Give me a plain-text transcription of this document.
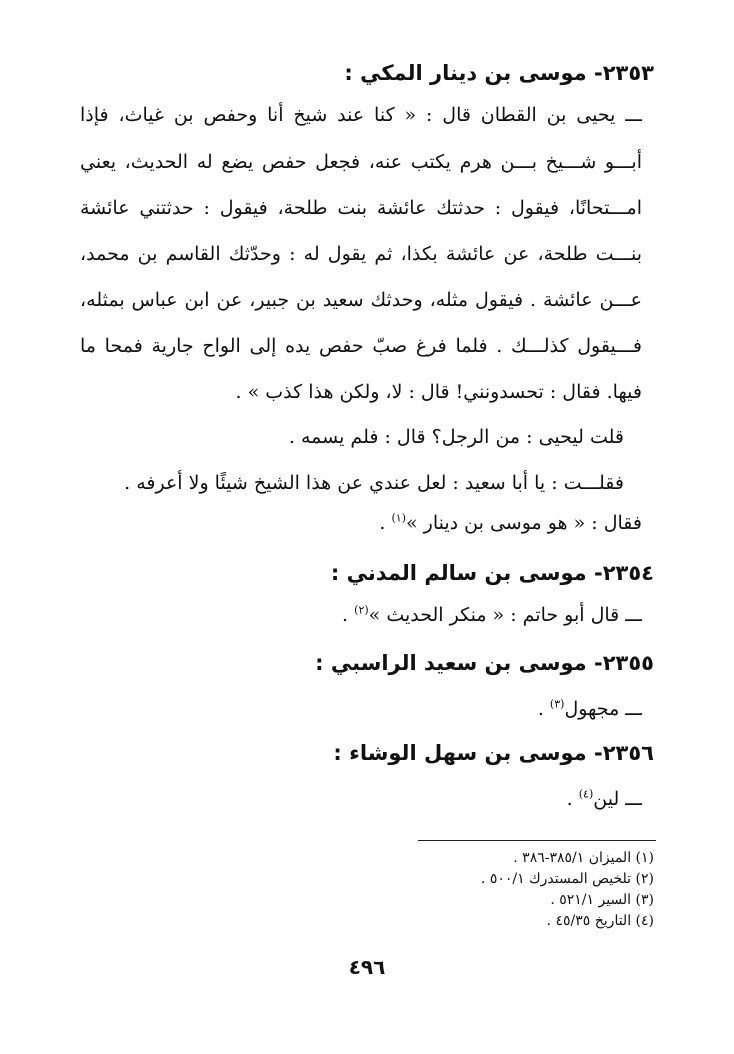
٢٣٥٣- موسى بن دينار المكي :
ـــ يحيى بن القطان قال : « كنا عند شيخ أنا وحفص بن غياث، فإذا
أبـــو شـــيخ بـــن هرم يكتب عنه، فجعل حفص يضع له الحديث، يعني
امـــتحانًا، فيقول : حدثتك عائشة بنت طلحة، فيقول : حدثتني عائشة
بنـــت طلحة، عن عائشة بكذا، ثم يقول له : وحدّثك القاسم بن محمد،
عـــن عائشة . فيقول مثله، وحدثك سعيد بن جبير، عن ابن عباس بمثله،
فـــيقول كذلـــك . فلما فرغ صبّ حفص يده إلى الواح جارية فمحا ما
فيها. فقال : تحسدونني! قال : لا، ولكن هذا كذب » .
قلت ليحيى : من الرجل؟ قال : فلم يسمه .
فقلـــت : يا أبا سعيد : لعل عندي عن هذا الشيخ شيئًا ولا أعرفه .
فقال : « هو موسى بن دينار »$^{(١)}$ .
٢٣٥٤- موسى بن سالم المدني :
ـــ قال أبو حاتم : « منكر الحديث »$^{(٢)}$ .
٢٣٥٥- موسى بن سعيد الراسبي :
ـــ مجهول$^{(٣)}$ .
٢٣٥٦- موسى بن سهل الوشاء :
ـــ لين$^{(٤)}$ .
(١) الميزان ٣٨٥/١-٣٨٦ .
(٢) تلخيص المستدرك ٥٠٠/١ .
(٣) السير ٥٢١/١ .
(٤) التاريخ ٤٥/٣٥ .
٤٩٦
